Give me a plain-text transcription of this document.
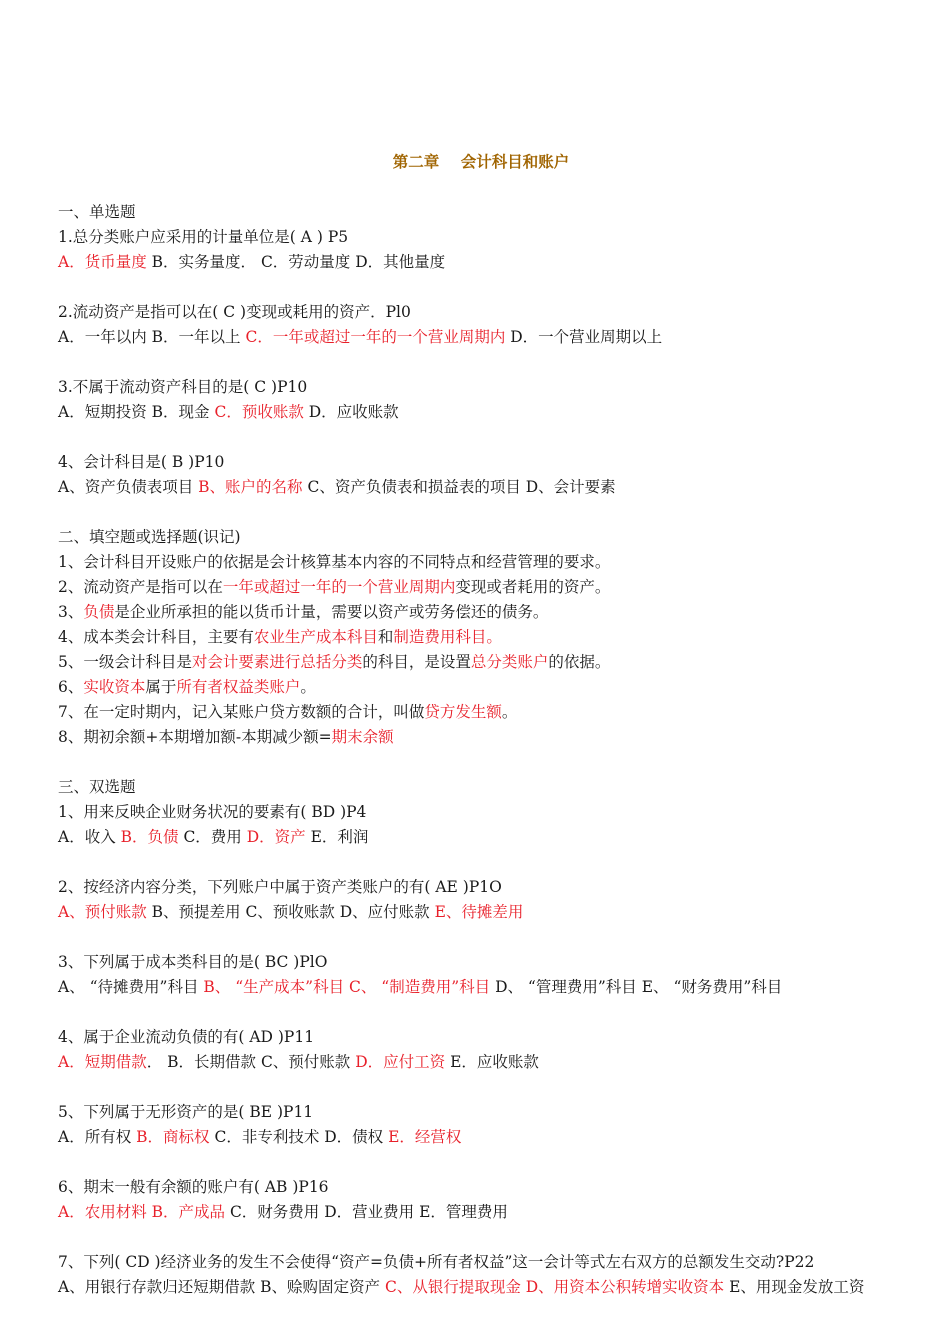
第二章    会计科目和账户
一、单选题
1.总分类账户应采用的计量单位是( A ) P5
A．货币量度 B．实务量度． C．劳动量度 D．其他量度
2.流动资产是指可以在( C )变现或耗用的资产．Pl0
A．一年以内 B．一年以上 C．一年或超过一年的一个营业周期内 D．一个营业周期以上
3.不属于流动资产科目的是( C )P10
A．短期投资 B．现金 C．预收账款 D．应收账款
4、会计科目是( B )P10
A、资产负债表项目 B、账户的名称 C、资产负债表和损益表的项目 D、会计要素
二、填空题或选择题(识记)
1、会计科目开设账户的依据是会计核算基本内容的不同特点和经营管理的要求。
2、流动资产是指可以在一年或超过一年的一个营业周期内变现或者耗用的资产。
3、负债是企业所承担的能以货币计量，需要以资产或劳务偿还的债务。
4、成本类会计科目，主要有农业生产成本科目和制造费用科目。
5、一级会计科目是对会计要素进行总括分类的科目，是设置总分类账户的依据。
6、实收资本属于所有者权益类账户。
7、在一定时期内，记入某账户贷方数额的合计，叫做贷方发生额。
8、期初余额+本期增加额-本期减少额=期末余额
三、双选题
1、用来反映企业财务状况的要素有( BD )P4
A．收入 B．负债 C．费用 D．资产 E．利润
2、按经济内容分类，下列账户中属于资产类账户的有( AE )P1O
A、预付账款 B、预提差用 C、预收账款 D、应付账款 E、待摊差用
3、下列属于成本类科目的是( BC )PlO
A、 “待摊费用”科目 B、 “生产成本”科目 C、 “制造费用”科目 D、 “管理费用”科目 E、 “财务费用”科目
4、属于企业流动负债的有( AD )P11
A．短期借款． B．长期借款 C、预付账款 D．应付工资 E．应收账款
5、下列属于无形资产的是( BE )P11
A．所有权 B．商标权 C．非专利技术 D．债权 E．经营权
6、期末一般有余额的账户有( AB )P16
A．农用材料 B．产成品 C．财务费用 D．营业费用 E．管理费用
7、下列( CD )经济业务的发生不会使得“资产=负债+所有者权益”这一会计等式左右双方的总额发生交动?P22
A、用银行存款归还短期借款 B、赊购固定资产 C、从银行提取现金 D、用资本公积转增实收资本 E、用现金发放工资
